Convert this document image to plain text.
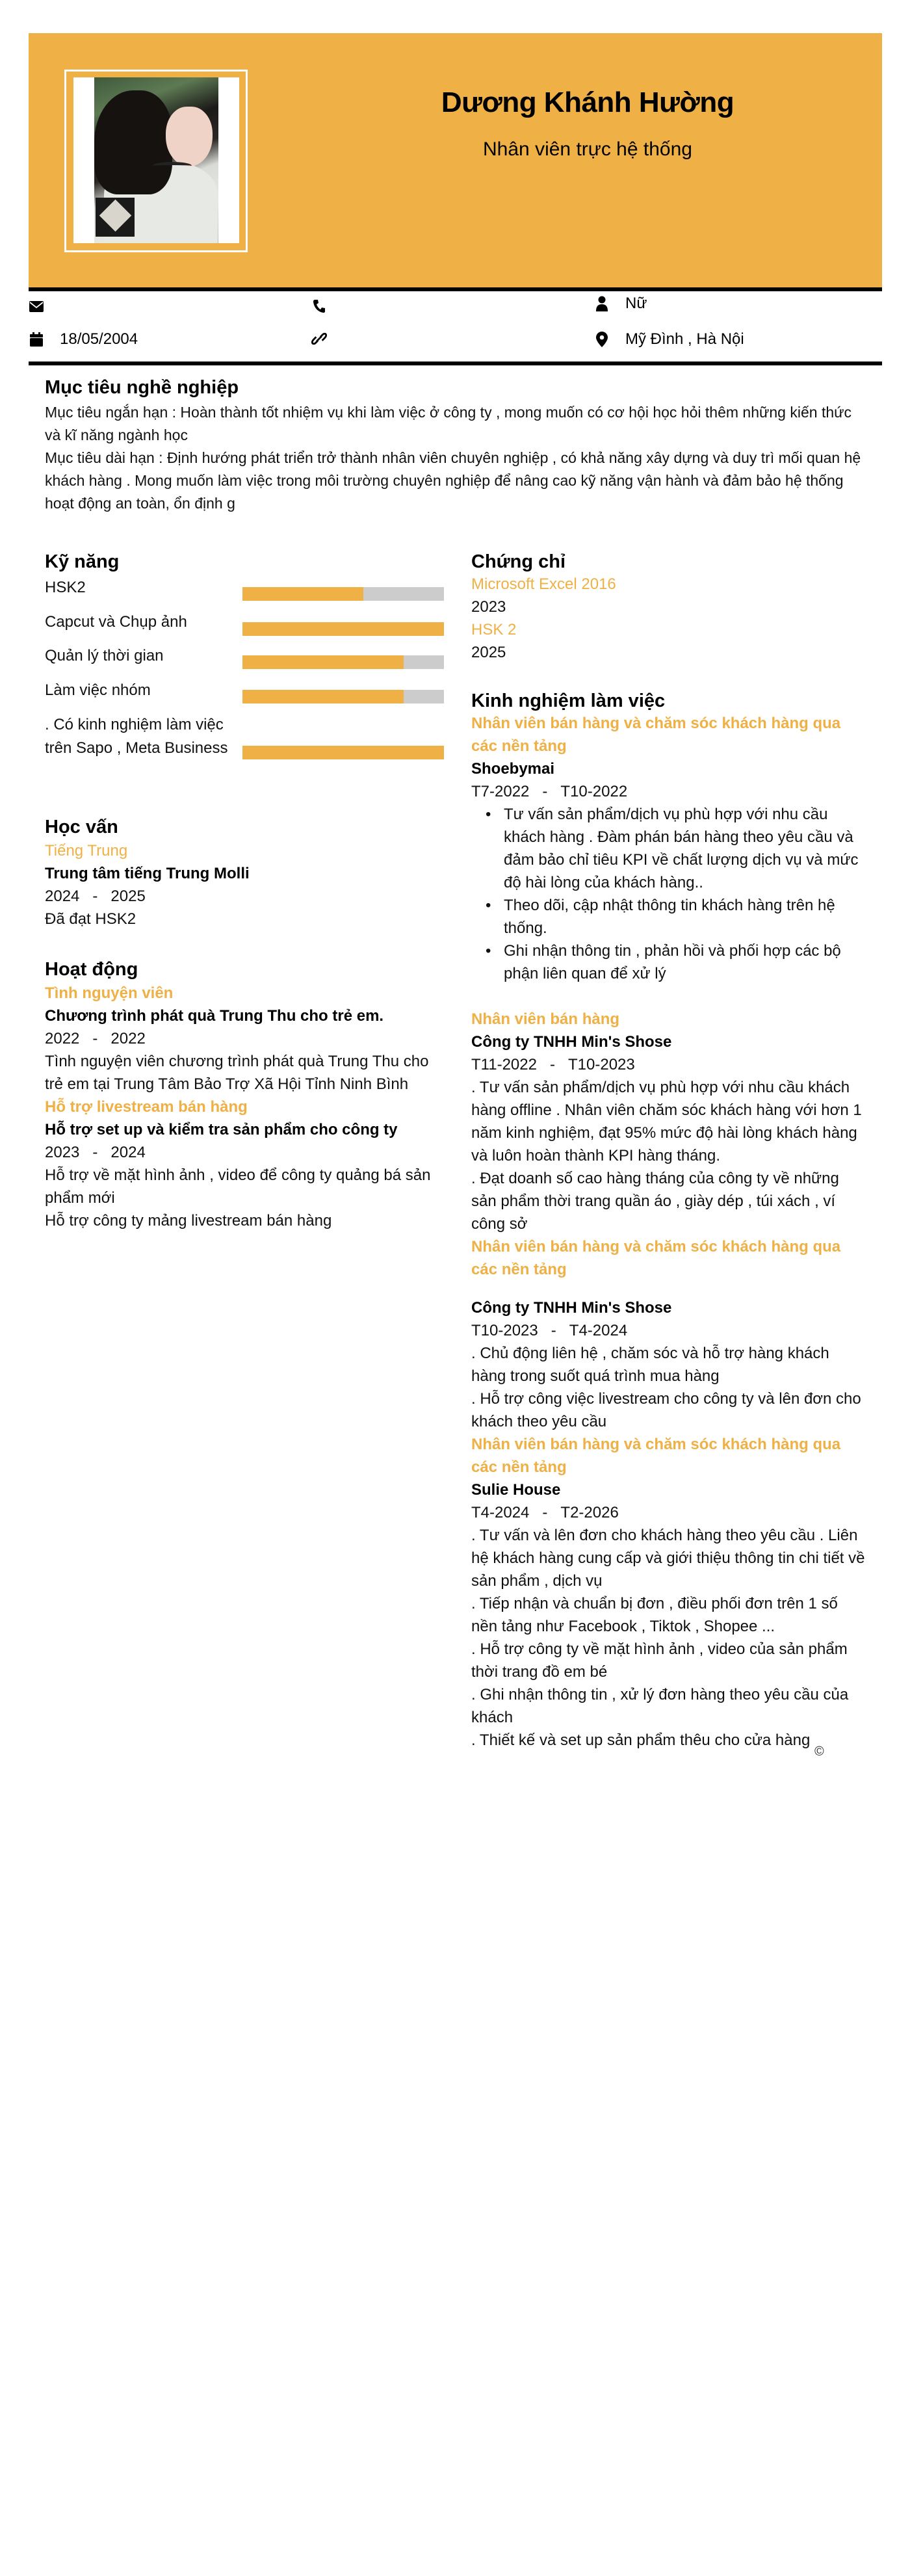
Dương Khánh Hường
Nhân viên trực hệ thống
Nữ
18/05/2004	Mỹ Đình , Hà Nội
Mục tiêu nghề nghiệp
Mục tiêu ngắn hạn : Hoàn thành tốt nhiệm vụ khi làm việc ở công ty , mong muốn có cơ hội học hỏi thêm những kiến thức và kĩ năng ngành học
Mục tiêu dài hạn : Định hướng phát triển trở thành nhân viên chuyên nghiệp , có khả năng xây dựng và duy trì mối quan hệ khách hàng . Mong muốn làm việc trong môi trường chuyên nghiệp để nâng cao kỹ năng vận hành và đảm bảo hệ thống hoạt động an toàn, ổn định g
Kỹ năng
HSK2
Capcut và Chụp ảnh
Quản lý thời gian
Làm việc nhóm
. Có kinh nghiệm làm việc trên Sapo , Meta Business
Học vấn
Tiếng Trung
Trung tâm tiếng Trung Molli
2024 - 2025
Đã đạt HSK2
Hoạt động
Tình nguyện viên
Chương trình phát quà Trung Thu cho trẻ em.
2022 - 2022
Tình nguyện viên chương trình phát quà Trung Thu cho trẻ em tại Trung Tâm Bảo Trợ Xã Hội Tỉnh Ninh Bình
Hỗ trợ livestream bán hàng
Hỗ trợ set up và kiểm tra sản phẩm cho công ty
2023 - 2024
Hỗ trợ về mặt hình ảnh , video để công ty quảng bá sản phẩm mới
Hỗ trợ công ty mảng livestream bán hàng
Chứng chỉ
Microsoft Excel 2016
2023
HSK 2
2025
Kinh nghiệm làm việc
Nhân viên bán hàng và chăm sóc khách hàng qua các nền tảng
Shoebymai
T7-2022 - T10-2022
• Tư vấn sản phẩm/dịch vụ phù hợp với nhu cầu khách hàng . Đàm phán bán hàng theo yêu cầu và đảm bảo chỉ tiêu KPI về chất lượng dịch vụ và mức độ hài lòng của khách hàng..
• Theo dõi, cập nhật thông tin khách hàng trên hệ thống.
• Ghi nhận thông tin , phản hồi và phối hợp các bộ phận liên quan để xử lý
Nhân viên bán hàng
Công ty TNHH Min's Shose
T11-2022 - T10-2023
. Tư vấn sản phẩm/dịch vụ phù hợp với nhu cầu khách hàng offline . Nhân viên chăm sóc khách hàng với hơn 1 năm kinh nghiệm, đạt 95% mức độ hài lòng khách hàng và luôn hoàn thành KPI hàng tháng.
. Đạt doanh số cao hàng tháng của công ty về những sản phẩm thời trang quần áo , giày dép , túi xách , ví công sở
Nhân viên bán hàng và chăm sóc khách hàng qua các nền tảng
Công ty TNHH Min's Shose
T10-2023 - T4-2024
. Chủ động liên hệ , chăm sóc và hỗ trợ hàng khách hàng trong suốt quá trình mua hàng
. Hỗ trợ công việc livestream cho công ty và lên đơn cho khách theo yêu cầu
Nhân viên bán hàng và chăm sóc khách hàng qua các nền tảng
Sulie House
T4-2024 - T2-2026
. Tư vấn và lên đơn cho khách hàng theo yêu cầu . Liên hệ khách hàng cung cấp và giới thiệu thông tin chi tiết về sản phẩm , dịch vụ
. Tiếp nhận và chuẩn bị đơn , điều phối đơn trên 1 số nền tảng như Facebook , Tiktok , Shopee ...
. Hỗ trợ công ty về mặt hình ảnh , video của sản phẩm thời trang đồ em bé
. Ghi nhận thông tin , xử lý đơn hàng theo yêu cầu của khách
. Thiết kế và set up sản phẩm thêu cho cửa hàng
©
